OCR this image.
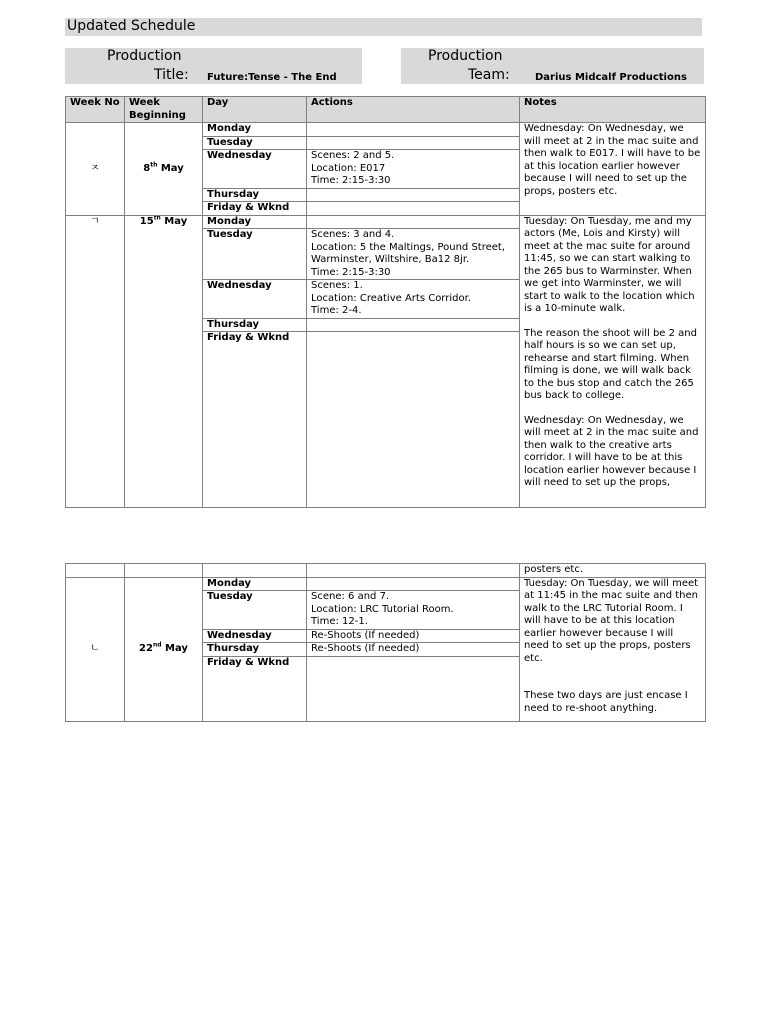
Updated Schedule
Production
Title: Future:Tense - The End
Production
Team:	Darius Midcalf Productions
Week No	Week Beginning	Day	Actions	Notes
ㅈ	8th May	Monday		Wednesday: On Wednesday, we will meet at 2 in the mac suite and then walk to E017. I will have to be at this location earlier however because I will need to set up the props, posters etc.
		Tuesday		
		Wednesday	Scenes: 2 and 5.
Location: E017
Time: 2:15-3:30	

		Thursday		
		Friday & Wknd		
ㄱ	15th May	Monday		Tuesday: On Tuesday, me and my actors (Me, Lois and Kirsty) will meet at the mac suite for around 11:45, so we can start walking to the 265 bus to Warminster. When we get into Warminster, we will start to walk to the location which is a 10-minute walk.
The reason the shoot will be 2 and half hours is so we can set up, rehearse and start filming. When filming is done, we will walk back to the bus stop and catch the 265 bus back to college.
Wednesday: On Wednesday, we will meet at 2 in the mac suite and then walk to the creative arts corridor. I will have to be at this location earlier however because I will need to set up the props,

		Tuesday	Scenes: 3 and 4.
Location: 5 the Maltings, Pound Street, Warminster, Wiltshire, Ba12 8jr.
Time: 2:15-3:30	

		Wednesday	Scenes: 1.
Location: Creative Arts Corridor.
Time: 2-4.	

		Thursday		
		Friday & Wknd		
				posters etc.
ㄴ	22nd May	Monday		Tuesday: On Tuesday, we will meet at 11:45 in the mac suite and then walk to the LRC Tutorial Room. I will have to be at this location earlier however because I will need to set up the props, posters etc.
These two days are just encase I need to re-shoot anything.

		Tuesday	Scene: 6 and 7.
Location: LRC Tutorial Room.
Time: 12-1.	

		Wednesday	Re-Shoots (If needed)	
		Thursday	Re-Shoots (If needed)	
		Friday & Wknd		
